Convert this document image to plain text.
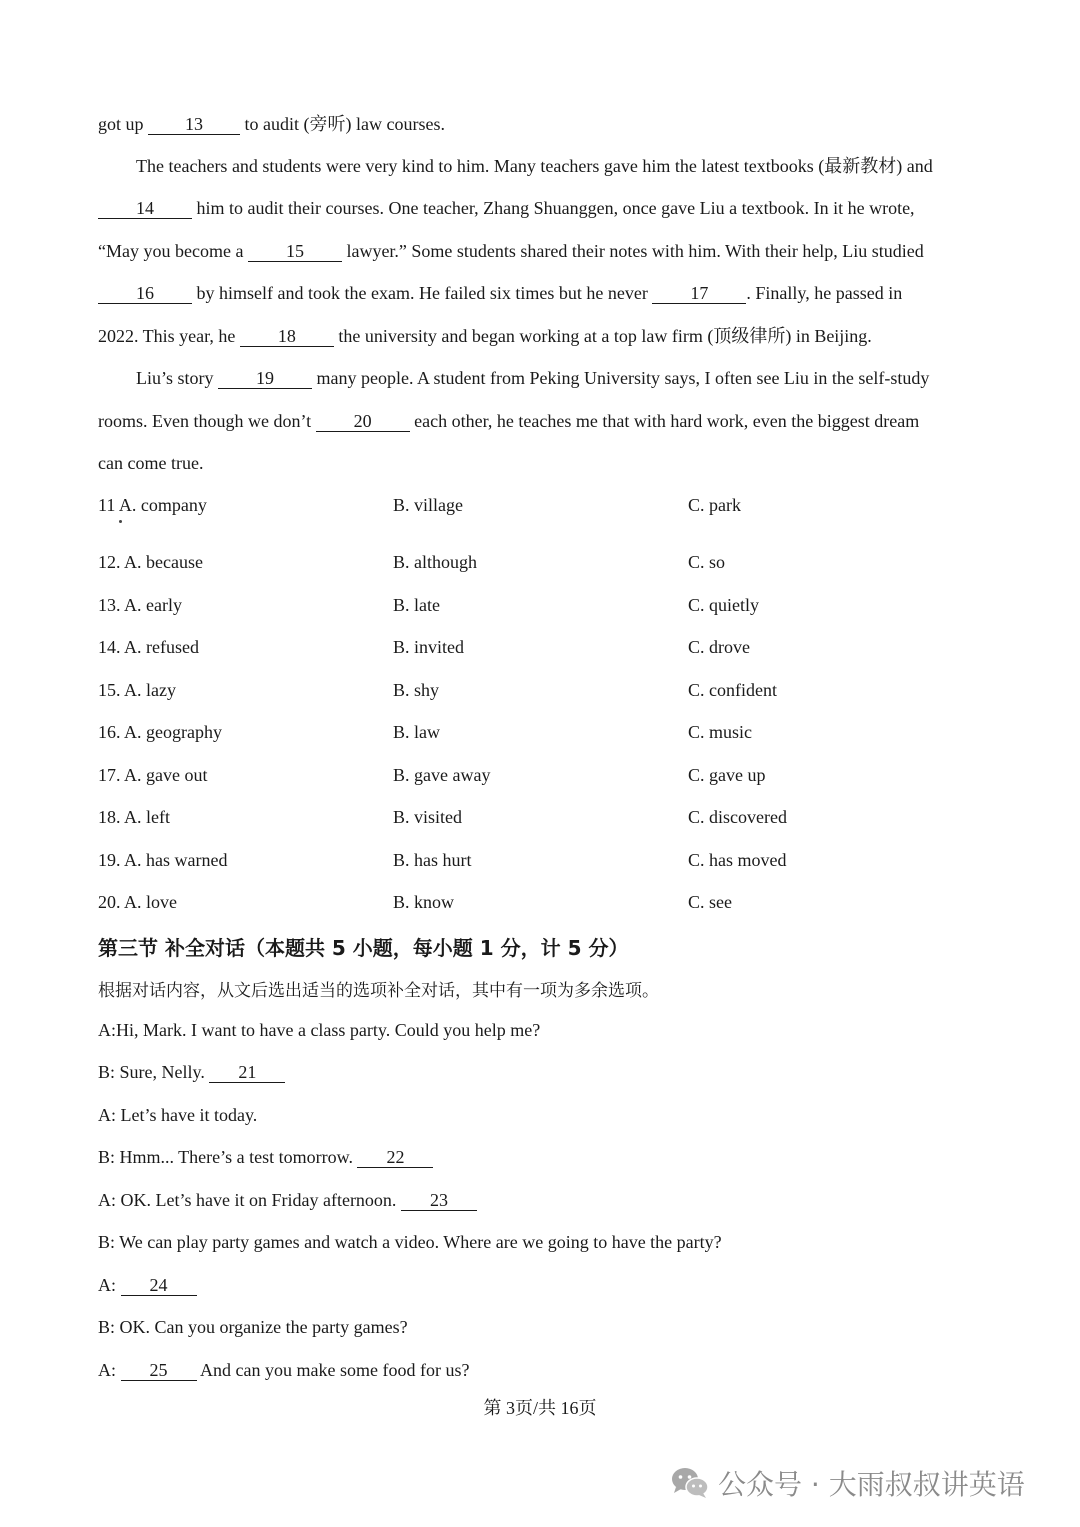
got up 13 to audit (旁听) law courses.
The teachers and students were very kind to him. Many teachers gave him the latest textbooks (最新教材) and
14 him to audit their courses. One teacher, Zhang Shuanggen, once gave Liu a textbook. In it he wrote,
“May you become a 15 lawyer.” Some students shared their notes with him. With their help, Liu studied
16 by himself and took the exam. He failed six times but he never 17 . Finally, he passed in
2022. This year, he 18 the university and began working at a top law firm (顶级律所) in Beijing.
Liu’s story 19 many people. A student from Peking University says, I often see Liu in the self-study
rooms. Even though we don’t 20 each other, he teaches me that with hard work, even the biggest dream
can come true.
11 A. company	B. village	C. park
12. A. because	B. although	C. so
13. A. early	B. late	C. quietly
14. A. refused	B. invited	C. drove
15. A. lazy	B. shy	C. confident
16. A. geography	B. law	C. music
17. A. gave out	B. gave away	C. gave up
18. A. left	B. visited	C. discovered
19. A. has warned	B. has hurt	C. has moved
20. A. love	B. know	C. see
第三节 补全对话（本题共 5 小题，每小题 1 分，计 5 分）
根据对话内容，从文后选出适当的选项补全对话，其中有一项为多余选项。
A:Hi, Mark. I want to have a class party. Could you help me?
B: Sure, Nelly. 21
A: Let’s have it today.
B: Hmm... There’s a test tomorrow. 22
A: OK. Let’s have it on Friday afternoon. 23
B: We can play party games and watch a video. Where are we going to have the party?
A: 24
B: OK. Can you organize the party games?
A: 25 And can you make some food for us?
第 3页/共 16页
公众号 · 大雨叔叔讲英语
